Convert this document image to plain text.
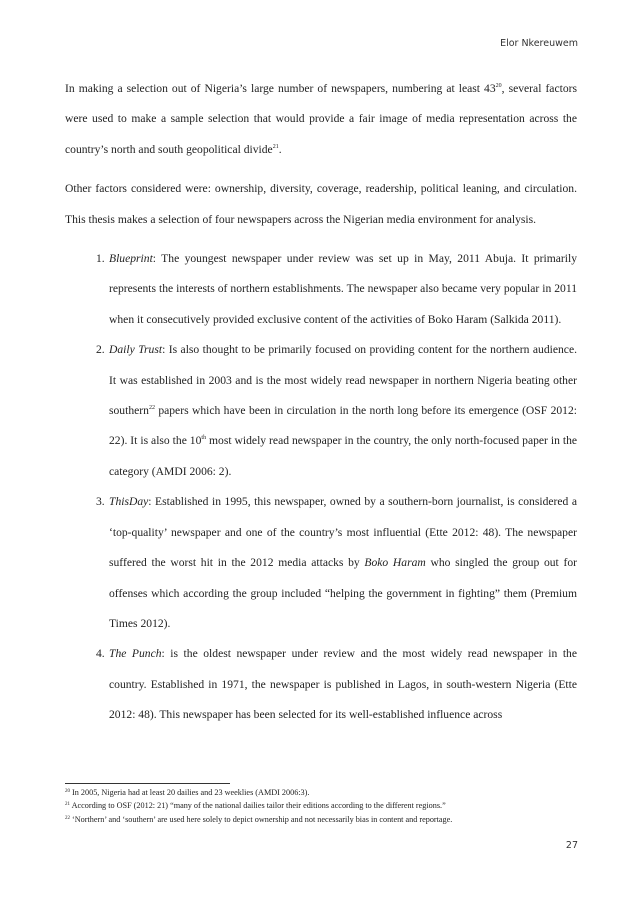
Elor Nkereuwem

In making a selection out of Nigeria’s large number of newspapers, numbering at least $43^{20}$, several factors were used to make a sample selection that would provide a fair image of media representation across the country’s north and south geopolitical divide$^{21}$.

Other factors considered were: ownership, diversity, coverage, readership, political leaning, and circulation. This thesis makes a selection of four newspapers across the Nigerian media environment for analysis.

1. Blueprint: The youngest newspaper under review was set up in May, 2011 Abuja. It primarily represents the interests of northern establishments. The newspaper also became very popular in 2011 when it consecutively provided exclusive content of the activities of Boko Haram (Salkida 2011).
2. Daily Trust: Is also thought to be primarily focused on providing content for the northern audience. It was established in 2003 and is the most widely read newspaper in northern Nigeria beating other southern$^{22}$ papers which have been in circulation in the north long before its emergence (OSF 2012: 22). It is also the 10th most widely read newspaper in the country, the only north-focused paper in the category (AMDI 2006: 2).
3. ThisDay: Established in 1995, this newspaper, owned by a southern-born journalist, is considered a ‘top-quality’ newspaper and one of the country’s most influential (Ette 2012: 48). The newspaper suffered the worst hit in the 2012 media attacks by Boko Haram who singled the group out for offenses which according the group included “helping the government in fighting” them (Premium Times 2012).
4. The Punch: is the oldest newspaper under review and the most widely read newspaper in the country. Established in 1971, the newspaper is published in Lagos, in south-western Nigeria (Ette 2012: 48). This newspaper has been selected for its well-established influence across
$^{20}$ In 2005, Nigeria had at least 20 dailies and 23 weeklies (AMDI 2006:3).
$^{21}$ According to OSF (2012: 21) “many of the national dailies tailor their editions according to the different regions.”
$^{22}$ ‘Northern’ and ‘southern’ are used here solely to depict ownership and not necessarily bias in content and reportage.
27
